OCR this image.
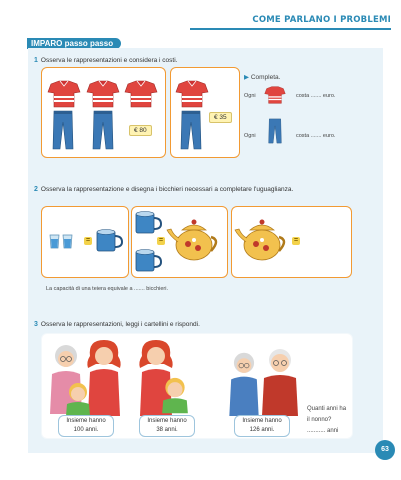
COME PARLANO I PROBLEMI
IMPARO passo passo
1 Osserva le rappresentazioni e considera i costi.
€ 80
€ 35
▶ Completa.
Ogni	costa ....... euro.
Ogni	costa ....... euro.
2 Osserva la rappresentazione e disegna i bicchieri necessari a completare l'uguaglianza.
=	=	=
La capacità di una teiera equivale a ....... bicchieri.
3 Osserva le rappresentazioni, leggi i cartellini e rispondi.
Insieme hanno
100 anni.
Insieme hanno
38 anni.
Insieme hanno
126 anni.
Quanti anni ha
il nonno?
........... anni
63
